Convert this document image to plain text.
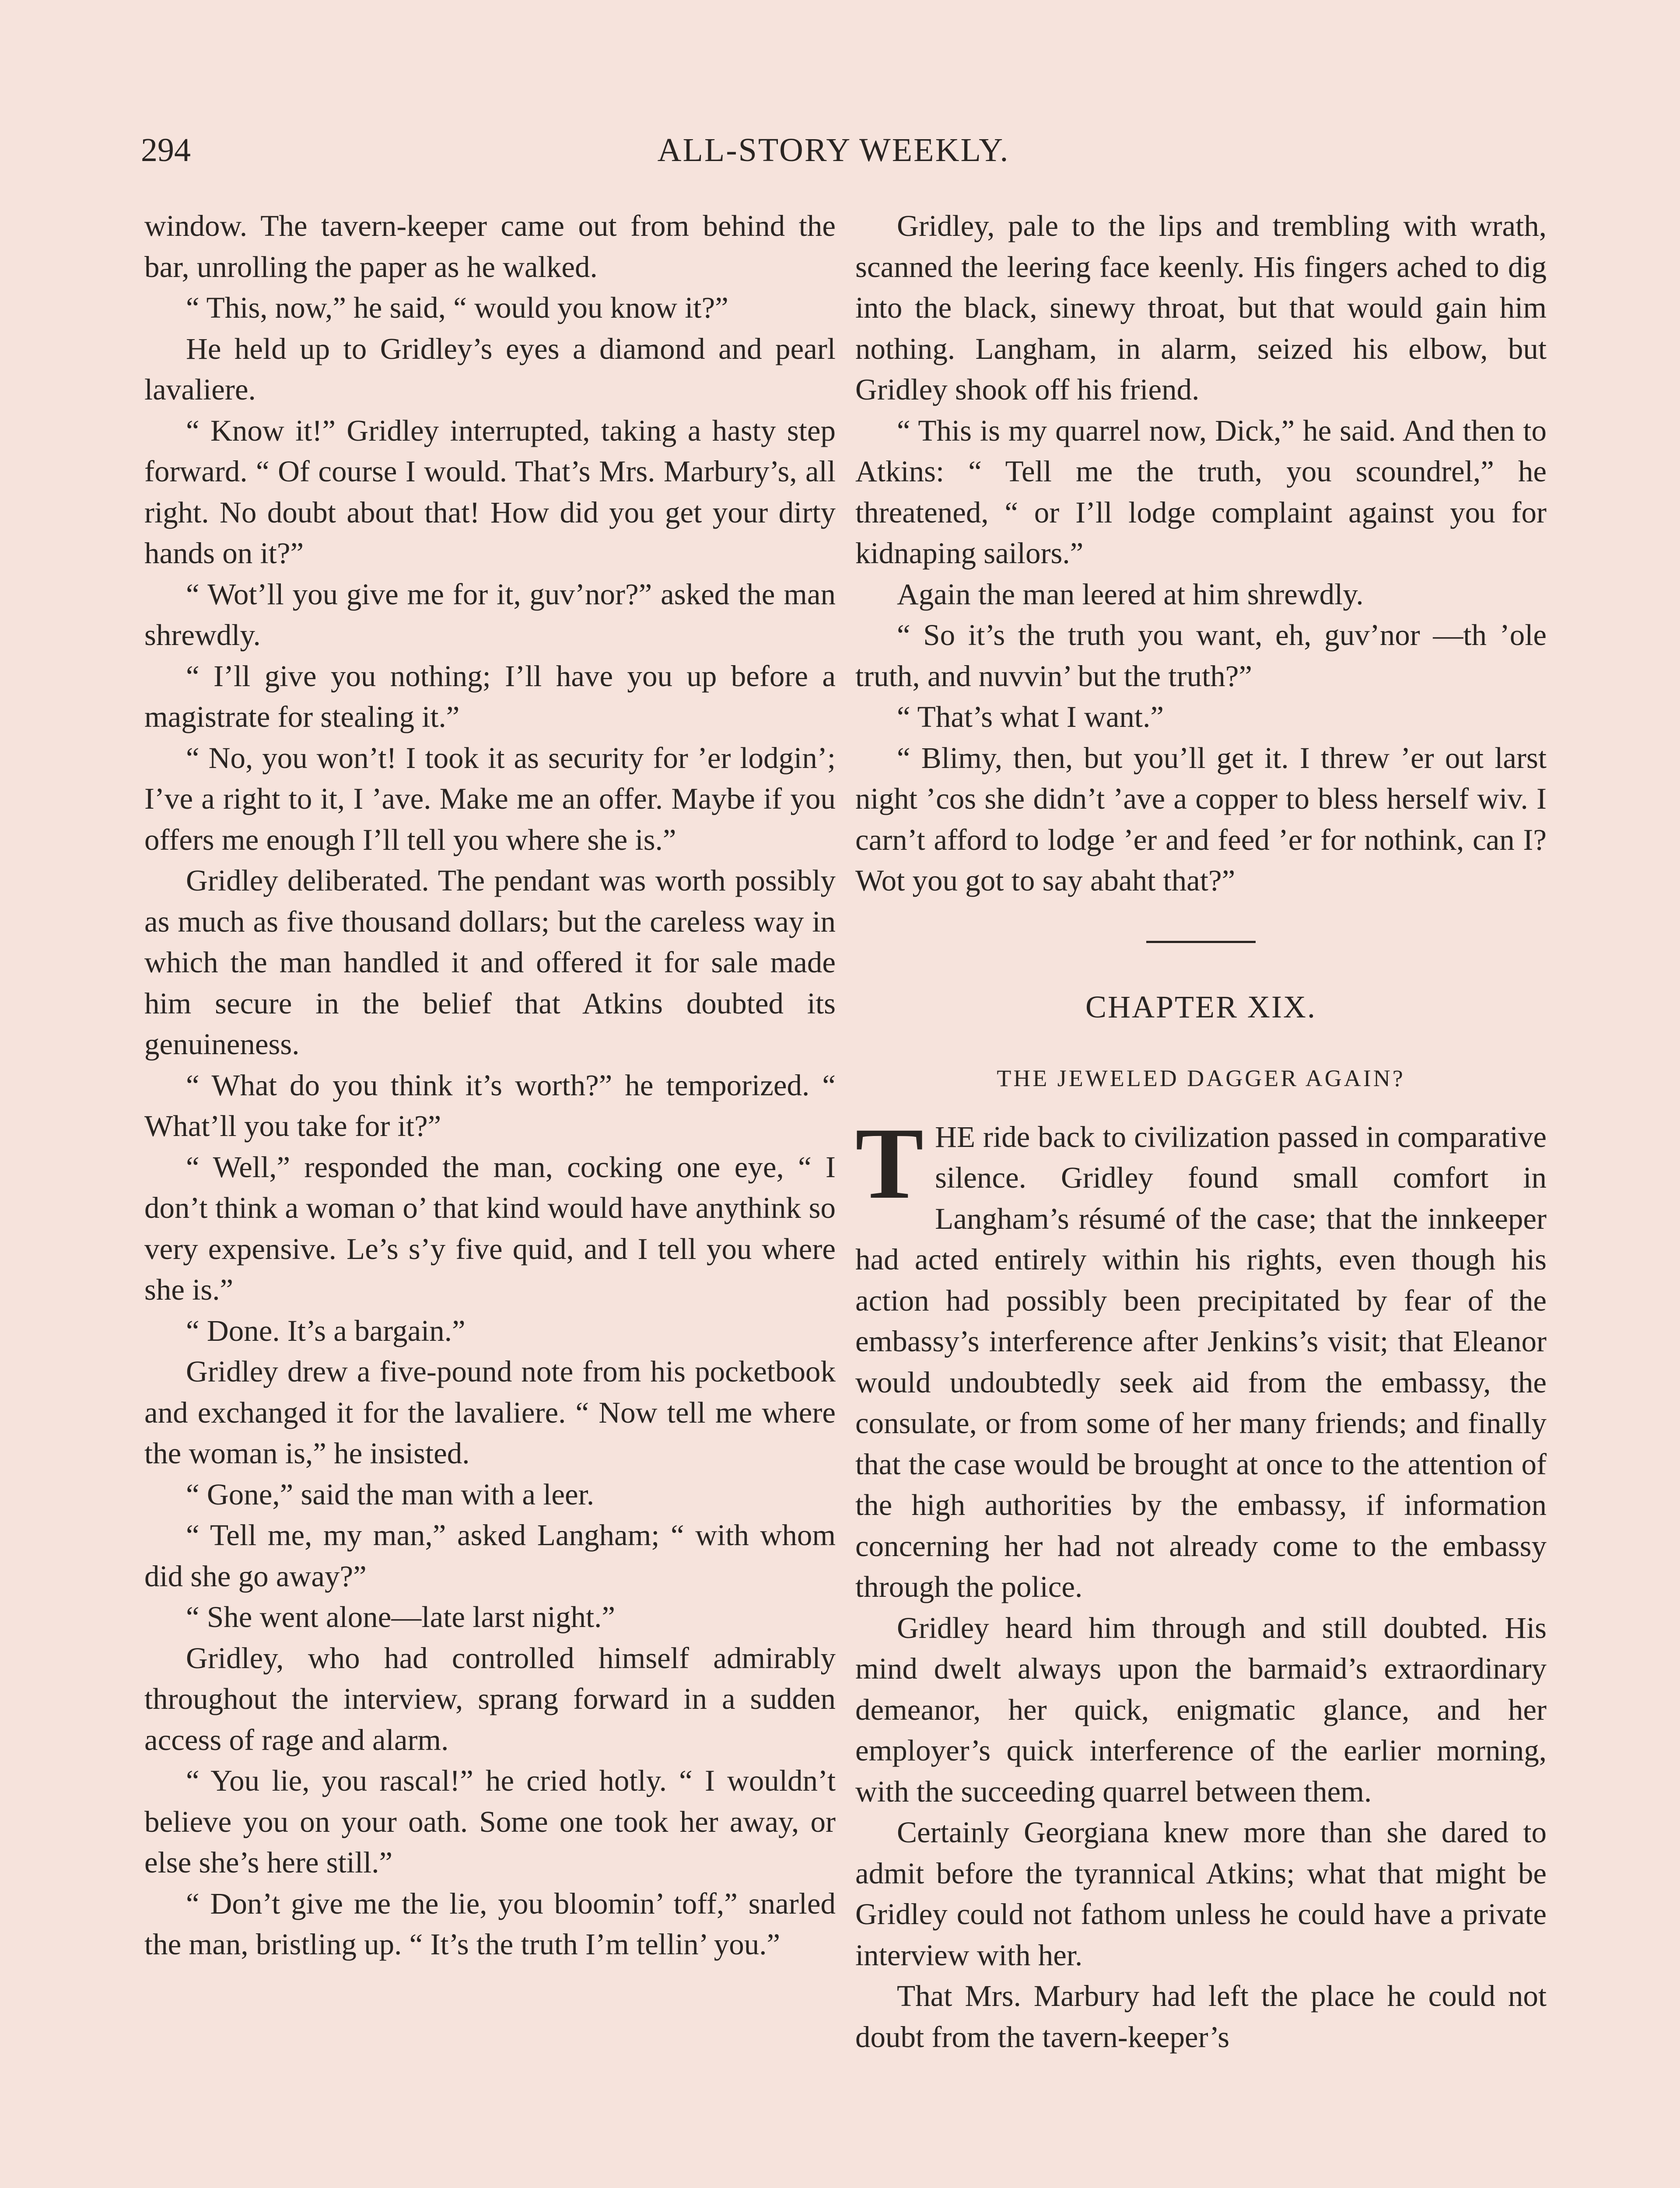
294	ALL-STORY WEEKLY.

window. The tavern-keeper came out from behind the bar, unrolling the paper as he walked.

“ This, now,” he said, “ would you know it?”

He held up to Gridley’s eyes a diamond and pearl lavaliere.

“ Know it!” Gridley interrupted, taking a hasty step forward. “ Of course I would. That’s Mrs. Marbury’s, all right. No doubt about that! How did you get your dirty hands on it?”

“ Wot’ll you give me for it, guv’nor?” asked the man shrewdly.

“ I’ll give you nothing; I’ll have you up before a magistrate for stealing it.”

“ No, you won’t! I took it as security for ’er lodgin’; I’ve a right to it, I ’ave. Make me an offer. Maybe if you offers me enough I’ll tell you where she is.”

Gridley deliberated. The pendant was worth possibly as much as five thousand dollars; but the careless way in which the man handled it and offered it for sale made him secure in the belief that Atkins doubted its genuineness.

“ What do you think it’s worth?” he temporized. “ What’ll you take for it?”

“ Well,” responded the man, cocking one eye, “ I don’t think a woman o’ that kind would have anythink so very expensive. Le’s s’y five quid, and I tell you where she is.”

“ Done. It’s a bargain.”

Gridley drew a five-pound note from his pocketbook and exchanged it for the lavaliere. “ Now tell me where the woman is,” he insisted.

“ Gone,” said the man with a leer.

“ Tell me, my man,” asked Langham; “ with whom did she go away?”

“ She went alone—late larst night.”

Gridley, who had controlled himself admirably throughout the interview, sprang forward in a sudden access of rage and alarm.

“ You lie, you rascal!” he cried hotly. “ I wouldn’t believe you on your oath. Some one took her away, or else she’s here still.”

“ Don’t give me the lie, you bloomin’ toff,” snarled the man, bristling up. “ It’s the truth I’m tellin’ you.”

Gridley, pale to the lips and trembling with wrath, scanned the leering face keenly. His fingers ached to dig into the black, sinewy throat, but that would gain him nothing. Langham, in alarm, seized his elbow, but Gridley shook off his friend.

“ This is my quarrel now, Dick,” he said. And then to Atkins: “ Tell me the truth, you scoundrel,” he threatened, “ or I’ll lodge complaint against you for kidnaping sailors.”

Again the man leered at him shrewdly.

“ So it’s the truth you want, eh, guv’nor —th ’ole truth, and nuvvin’ but the truth?”

“ That’s what I want.”

“ Blimy, then, but you’ll get it. I threw ’er out larst night ’cos she didn’t ’ave a copper to bless herself wiv. I carn’t afford to lodge ’er and feed ’er for nothink, can I? Wot you got to say abaht that?”

CHAPTER XIX.
THE JEWELED DAGGER AGAIN?

THE ride back to civilization passed in comparative silence. Gridley found small comfort in Langham’s résumé of the case; that the innkeeper had acted entirely within his rights, even though his action had possibly been precipitated by fear of the embassy’s interference after Jenkins’s visit; that Eleanor would undoubtedly seek aid from the embassy, the consulate, or from some of her many friends; and finally that the case would be brought at once to the attention of the high authorities by the embassy, if information concerning her had not already come to the embassy through the police.

Gridley heard him through and still doubted. His mind dwelt always upon the barmaid’s extraordinary demeanor, her quick, enigmatic glance, and her employer’s quick interference of the earlier morning, with the succeeding quarrel between them.

Certainly Georgiana knew more than she dared to admit before the tyrannical Atkins; what that might be Gridley could not fathom unless he could have a private interview with her.

That Mrs. Marbury had left the place he could not doubt from the tavern-keeper’s
